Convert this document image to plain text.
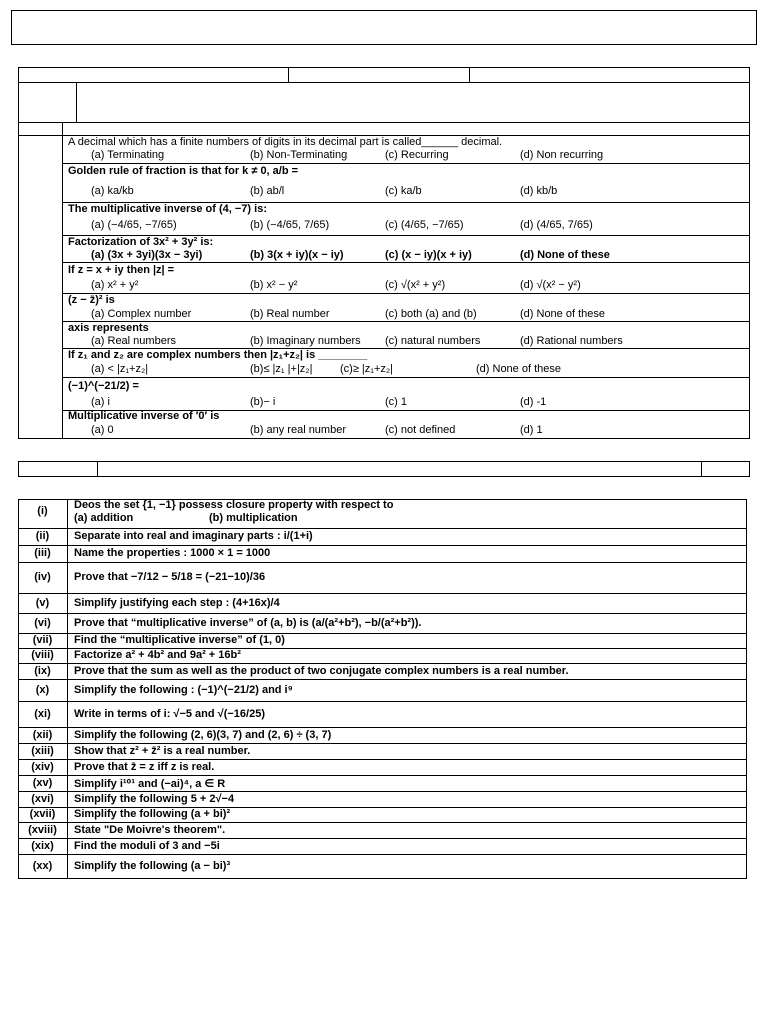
A decimal which has a finite numbers of digits in its decimal part is called______ decimal.
(a) Terminating	(b) Non-Terminating	(c) Recurring	(d) Non recurring
Golden rule of fraction is that for k ≠ 0, a/b =
(a) ka/kb	(b) ab/l	(c) ka/b	(d) kb/b
The multiplicative inverse of (4, −7) is:
(a) (−4/65, −7/65)	(b) (−4/65, 7/65)	(c) (4/65, −7/65)	(d) (4/65, 7/65)
Factorization of 3x² + 3y² is:
(a) (3x + 3yi)(3x − 3yi)	(b) 3(x + iy)(x − iy)	(c) (x − iy)(x + iy)	(d) None of these
If z = x + iy then |z| =
(a) x² + y²	(b) x² − y²	(c) √(x² + y²)	(d) √(x² − y²)
(z − z̄)² is
(a) Complex number	(b) Real number	(c) both (a) and (b)	(d) None of these
axis represents
(a) Real numbers	(b) Imaginary numbers (c) natural numbers	(d) Rational numbers
If z₁ and z₂ are complex numbers then |z₁+z₂| is ________
(a) < |z₁+z₂|	(b)≤ |z₁ |+|z₂|	(c)≥ |z₁+z₂|	(d) None of these
(−1)^(−21/2) =
(a) i	(b)− i	(c) 1	(d) -1
Multiplicative inverse of ′0′ is
(a) 0	(b) any real number	(c) not defined	(d) 1
(i)	Deos the set {1, −1} possess closure property with respect to
(a) addition	(b) multiplication
(ii)	Separate into real and imaginary parts : i/(1+i)
(iii)	Name the properties : 1000 × 1 = 1000
(iv)	Prove that −7/12 − 5/18 = (−21−10)/36
(v)	Simplify justifying each step : (4+16x)/4
(vi)	Prove that “multiplicative inverse” of (a, b) is (a/(a²+b²), −b/(a²+b²)).
(vii)	Find the “multiplicative inverse” of (1, 0)
(viii)	Factorize a² + 4b² and 9a² + 16b²
(ix)	Prove that the sum as well as the product of two conjugate complex numbers is a real number.
(x)	Simplify the following : (−1)^(−21/2) and i⁹
(xi)	Write in terms of i: √−5 and √(−16/25)
(xii)	Simplify the following (2, 6)(3, 7) and (2, 6) ÷ (3, 7)
(xiii)	Show that z² + z̄² is a real number.
(xiv)	Prove that z̄ = z iff z is real.
(xv)	Simplify i¹⁰¹ and (−ai)⁴, a ∈ R
(xvi)	Simplify the following 5 + 2√−4
(xvii)	Simplify the following (a + bi)²
(xviii)	State "De Moivre's theorem".
(xix)	Find the moduli of 3 and −5i
(xx)	Simplify the following (a − bi)³
